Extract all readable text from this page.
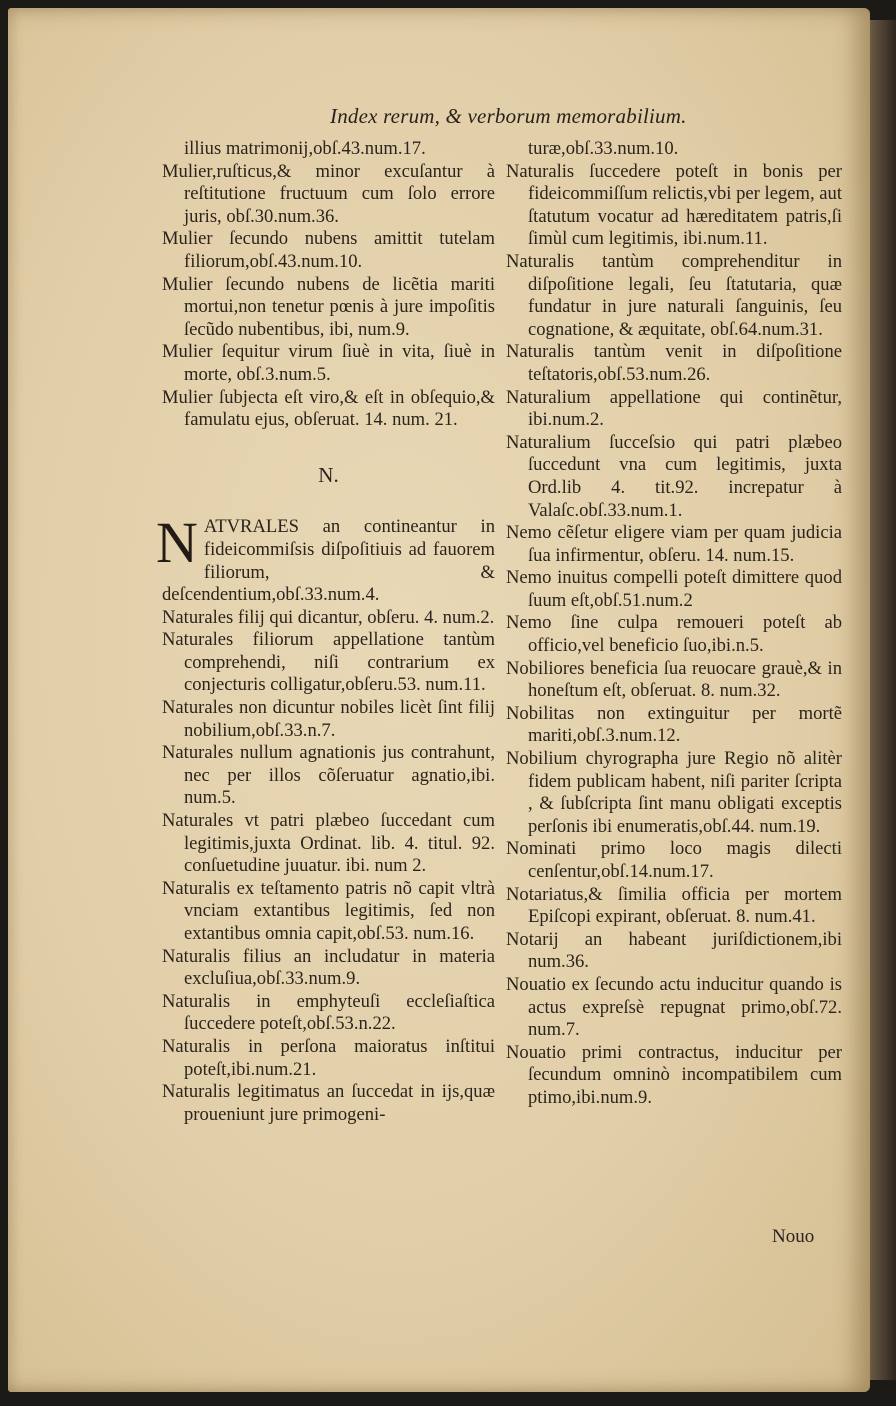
Index rerum, & verborum memorabilium.

illius matrimonij,obſ.43.num.17.

Mulier,ruſticus,& minor excuſantur à reſtitutione fructuum cum ſolo errore juris, obſ.30.num.36.

Mulier ſecundo nubens amittit tutelam filiorum,obſ.43.num.10.

Mulier ſecundo nubens de licẽtia mariti mortui,non tenetur pœnis à jure impoſitis ſecũdo nubentibus, ibi, num.9.

Mulier ſequitur virum ſiuè in vita, ſiuè in morte, obſ.3.num.5.

Mulier ſubjecta eſt viro,& eſt in obſequio,& famulatu ejus, obſeruat. 14. num. 21.

N.

NATVRALES an contineantur in fideicommiſsis diſpoſitiuis ad fauorem filiorum, & deſcendentium,obſ.33.num.4.

Naturales filij qui dicantur, obſeru. 4. num.2.

Naturales filiorum appellatione tantùm comprehendi, niſi contrarium ex conjecturis colligatur,obſeru.53. num.11.

Naturales non dicuntur nobiles licèt ſint filij nobilium,obſ.33.n.7.

Naturales nullum agnationis jus contrahunt, nec per illos cõſeruatur agnatio,ibi. num.5.

Naturales vt patri plæbeo ſuccedant cum legitimis,juxta Ordinat. lib. 4. titul. 92. conſuetudine juuatur. ibi. num 2.

Naturalis ex teſtamento patris nõ capit vltrà vnciam extantibus legitimis, ſed non extantibus omnia capit,obſ.53. num.16.

Naturalis filius an includatur in materia excluſiua,obſ.33.num.9.

Naturalis in emphyteuſi eccleſiaſtica ſuccedere poteſt,obſ.53.n.22.

Naturalis in perſona maioratus inſtitui poteſt,ibi.num.21.

Naturalis legitimatus an ſuccedat in ijs,quæ proueniunt jure primogeni-

turæ,obſ.33.num.10.

Naturalis ſuccedere poteſt in bonis per fideicommiſſum relictis,vbi per legem, aut ſtatutum vocatur ad hæreditatem patris,ſi ſimùl cum legitimis, ibi.num.11.

Naturalis tantùm comprehenditur in diſpoſitione legali, ſeu ſtatutaria, quæ fundatur in jure naturali ſanguinis, ſeu cognatione, & æquitate, obſ.64.num.31.

Naturalis tantùm venit in diſpoſitione teſtatoris,obſ.53.num.26.

Naturalium appellatione qui continẽtur, ibi.num.2.

Naturalium ſucceſsio qui patri plæbeo ſuccedunt vna cum legitimis, juxta Ord.lib 4. tit.92. increpatur à Valaſc.obſ.33.num.1.

Nemo cẽſetur eligere viam per quam judicia ſua infirmentur, obſeru. 14. num.15.

Nemo inuitus compelli poteſt dimittere quod ſuum eſt,obſ.51.num.2

Nemo ſine culpa remoueri poteſt ab officio,vel beneficio ſuo,ibi.n.5.

Nobiliores beneficia ſua reuocare grauè,& in honeſtum eſt, obſeruat. 8. num.32.

Nobilitas non extinguitur per mortẽ mariti,obſ.3.num.12.

Nobilium chyrographa jure Regio nõ alitèr fidem publicam habent, niſi pariter ſcripta , & ſubſcripta ſint manu obligati exceptis perſonis ibi enumeratis,obſ.44. num.19.

Nominati primo loco magis dilecti cenſentur,obſ.14.num.17.

Notariatus,& ſimilia officia per mortem Epiſcopi expirant, obſeruat. 8. num.41.

Notarij an habeant juriſdictionem,ibi num.36.

Nouatio ex ſecundo actu inducitur quando is actus expreſsè repugnat primo,obſ.72. num.7.

Nouatio primi contractus, inducitur per ſecundum omninò incompatibilem cum ptimo,ibi.num.9.

Nouo
